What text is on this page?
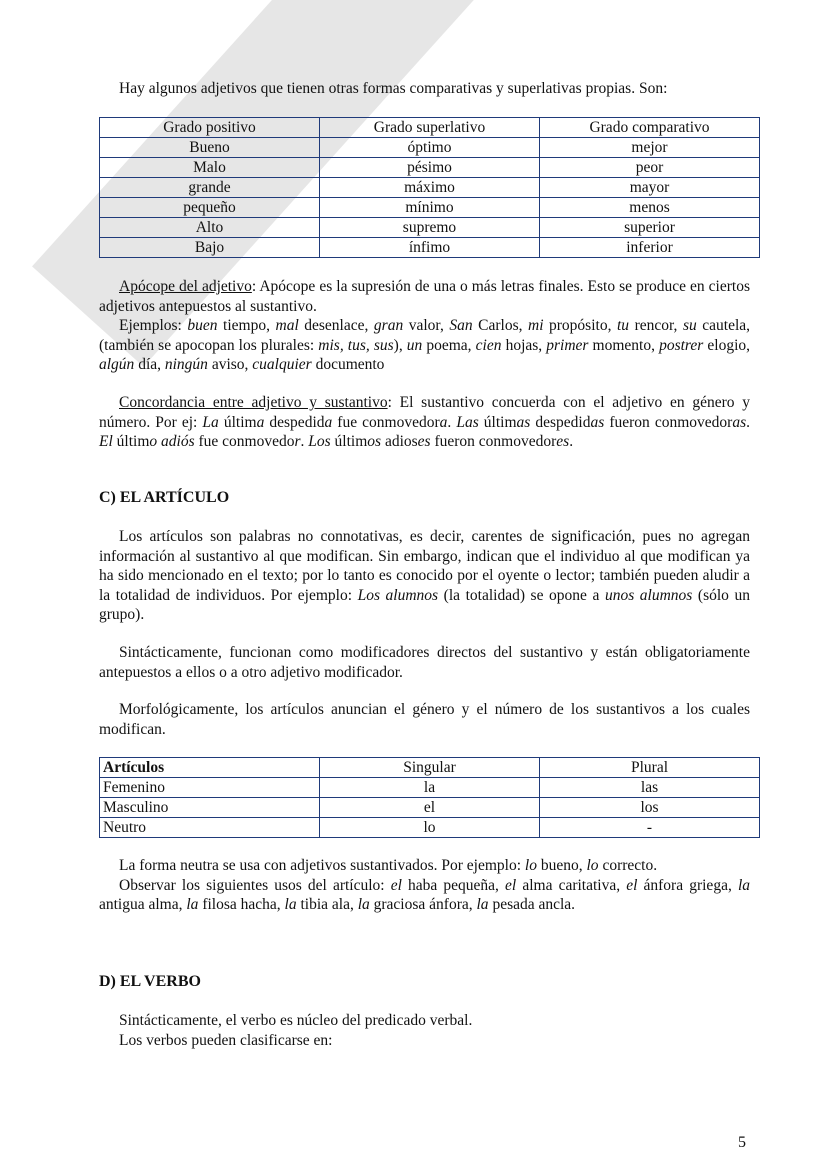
Hay algunos adjetivos que tienen otras formas comparativas y superlativas propias. Son:

Grado positivo	Grado superlativo	Grado comparativo
Bueno	óptimo	mejor
Malo	pésimo	peor
grande	máximo	mayor
pequeño	mínimo	menos
Alto	supremo	superior
Bajo	ínfimo	inferior

Apócope del adjetivo: Apócope es la supresión de una o más letras finales. Esto se produce en ciertos adjetivos antepuestos al sustantivo.

Ejemplos: buen tiempo, mal desenlace, gran valor, San Carlos, mi propósito, tu rencor, su cautela, (también se apocopan los plurales: mis, tus, sus), un poema, cien hojas, primer momento, postrer elogio, algún día, ningún aviso, cualquier documento

Concordancia entre adjetivo y sustantivo: El sustantivo concuerda con el adjetivo en género y número. Por ej: La última despedida fue conmovedora. Las últimas despedidas fueron conmovedoras. El último adiós fue conmovedor. Los últimos adioses fueron conmovedores.

C) EL ARTÍCULO

Los artículos son palabras no connotativas, es decir, carentes de significación, pues no agregan información al sustantivo al que modifican. Sin embargo, indican que el individuo al que modifican ya ha sido mencionado en el texto; por lo tanto es conocido por el oyente o lector; también pueden aludir a la totalidad de individuos. Por ejemplo: Los alumnos (la totalidad) se opone a unos alumnos (sólo un grupo).

Sintácticamente, funcionan como modificadores directos del sustantivo y están obligatoriamente antepuestos a ellos o a otro adjetivo modificador.

Morfológicamente, los artículos anuncian el género y el número de los sustantivos a los cuales modifican.

Artículos	Singular	Plural
Femenino	la	las
Masculino	el	los
Neutro	lo	-

La forma neutra se usa con adjetivos sustantivados. Por ejemplo: lo bueno, lo correcto.

Observar los siguientes usos del artículo: el haba pequeña, el alma caritativa, el ánfora griega, la antigua alma, la filosa hacha, la tibia ala, la graciosa ánfora, la pesada ancla.

D) EL VERBO

Sintácticamente, el verbo es núcleo del predicado verbal.

Los verbos pueden clasificarse en:

5
